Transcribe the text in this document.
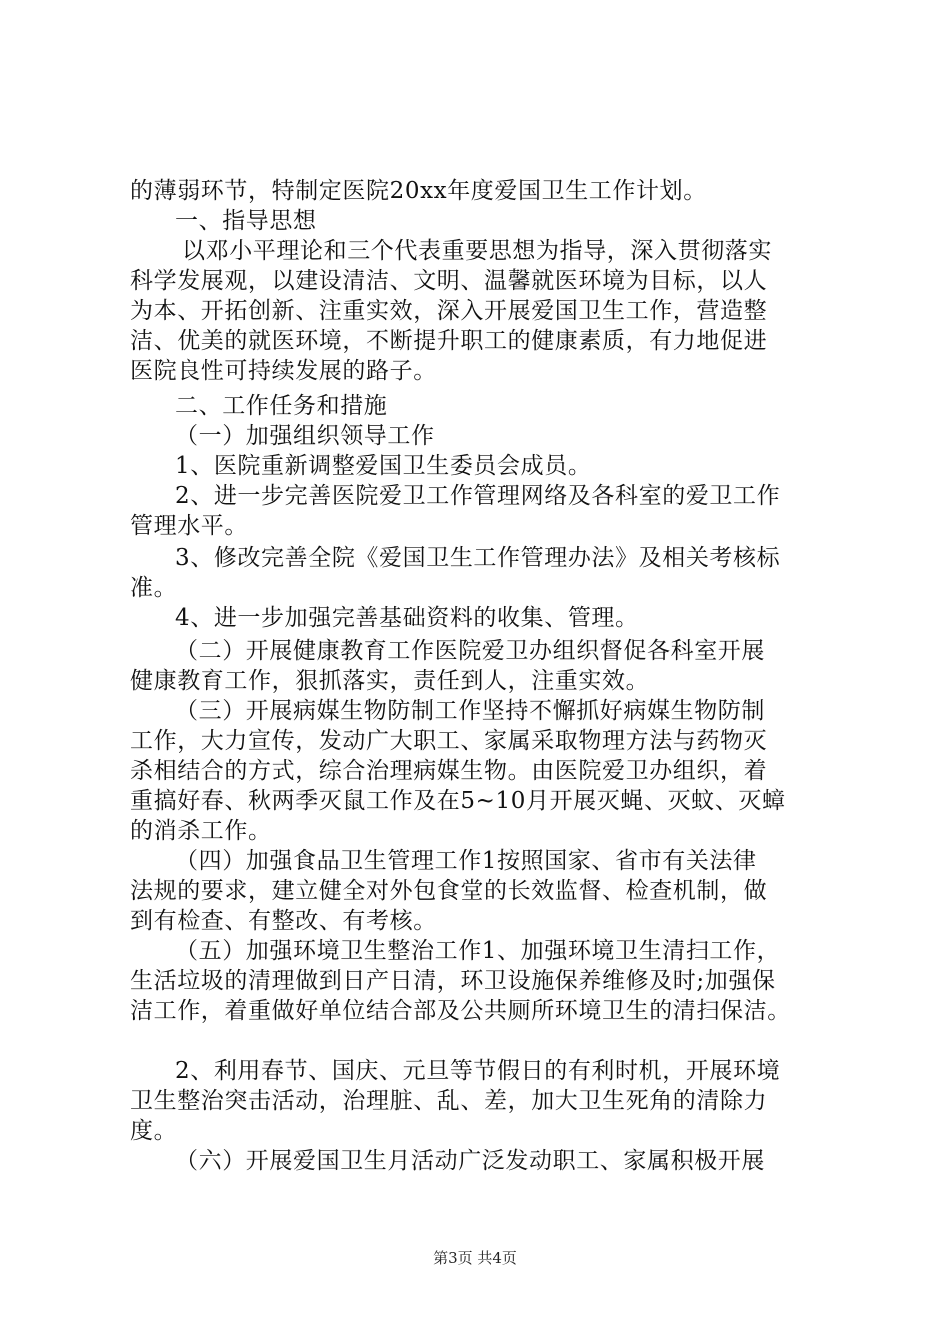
的薄弱环节，特制定医院20xx年度爱国卫生工作计划。
一、指导思想
以邓小平理论和三个代表重要思想为指导，深入贯彻落实
科学发展观，以建设清洁、文明、温馨就医环境为目标，以人
为本、开拓创新、注重实效，深入开展爱国卫生工作，营造整
洁、优美的就医环境，不断提升职工的健康素质，有力地促进
医院良性可持续发展的路子。
二、工作任务和措施
（一）加强组织领导工作
1、医院重新调整爱国卫生委员会成员。
2、进一步完善医院爱卫工作管理网络及各科室的爱卫工作
管理水平。
3、修改完善全院《爱国卫生工作管理办法》及相关考核标
准。
4、进一步加强完善基础资料的收集、管理。
（二）开展健康教育工作医院爱卫办组织督促各科室开展
健康教育工作，狠抓落实，责任到人，注重实效。
（三）开展病媒生物防制工作坚持不懈抓好病媒生物防制
工作，大力宣传，发动广大职工、家属采取物理方法与药物灭
杀相结合的方式，综合治理病媒生物。由医院爱卫办组织，着
重搞好春、秋两季灭鼠工作及在5~10月开展灭蝇、灭蚊、灭蟑
的消杀工作。
（四）加强食品卫生管理工作1按照国家、省市有关法律
法规的要求，建立健全对外包食堂的长效监督、检查机制，做
到有检查、有整改、有考核。
（五）加强环境卫生整治工作1、加强环境卫生清扫工作，
生活垃圾的清理做到日产日清，环卫设施保养维修及时;加强保
洁工作，着重做好单位结合部及公共厕所环境卫生的清扫保洁。
2、利用春节、国庆、元旦等节假日的有利时机，开展环境
卫生整治突击活动，治理脏、乱、差，加大卫生死角的清除力
度。
（六）开展爱国卫生月活动广泛发动职工、家属积极开展
第3页 共4页
